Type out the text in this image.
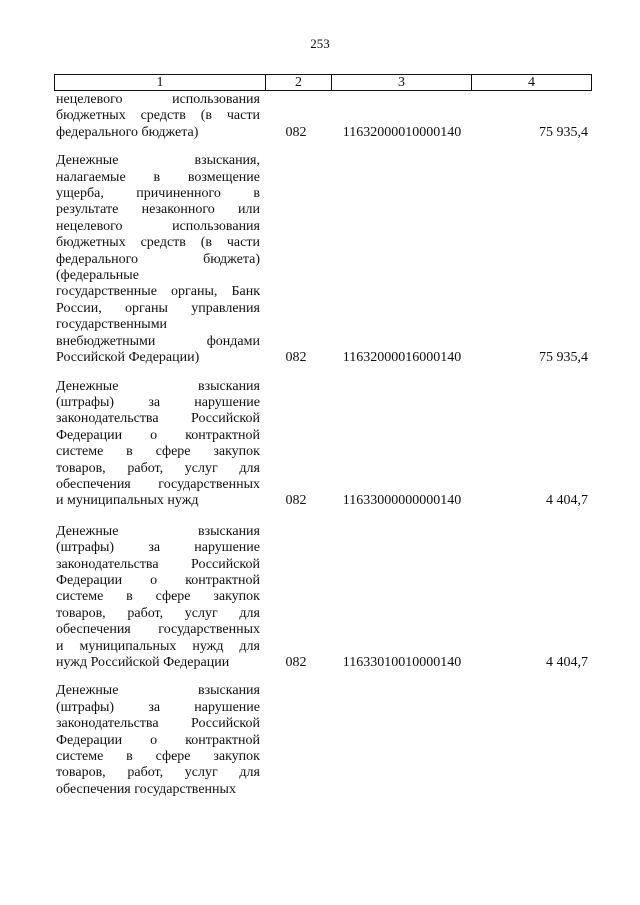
253
1	2	3	4
нецелевого	использования
бюджетных средств (в части
федерального бюджета)	082	11632000010000140	75 935,4
Денежные	взыскания,
налагаемые в возмещение
ущерба, причиненного в
результате незаконного или
нецелевого	использования
бюджетных средств (в части
федерального	бюджета)
(федеральные
государственные органы, Банк
России, органы управления
государственными
внебюджетными	фондами
Российской Федерации)	082	11632000016000140	75 935,4
Денежные	взыскания
(штрафы) за нарушение
законодательства Российской
Федерации о контрактной
системе в сфере закупок
товаров, работ, услуг для
обеспечения государственных
и муниципальных нужд	082	11633000000000140	4 404,7
Денежные	взыскания
(штрафы) за нарушение
законодательства Российской
Федерации о контрактной
системе в сфере закупок
товаров, работ, услуг для
обеспечения государственных
и муниципальных нужд для
нужд Российской Федерации	082	11633010010000140	4 404,7
Денежные	взыскания
(штрафы) за нарушение
законодательства Российской
Федерации о контрактной
системе в сфере закупок
товаров, работ, услуг для
обеспечения государственных
